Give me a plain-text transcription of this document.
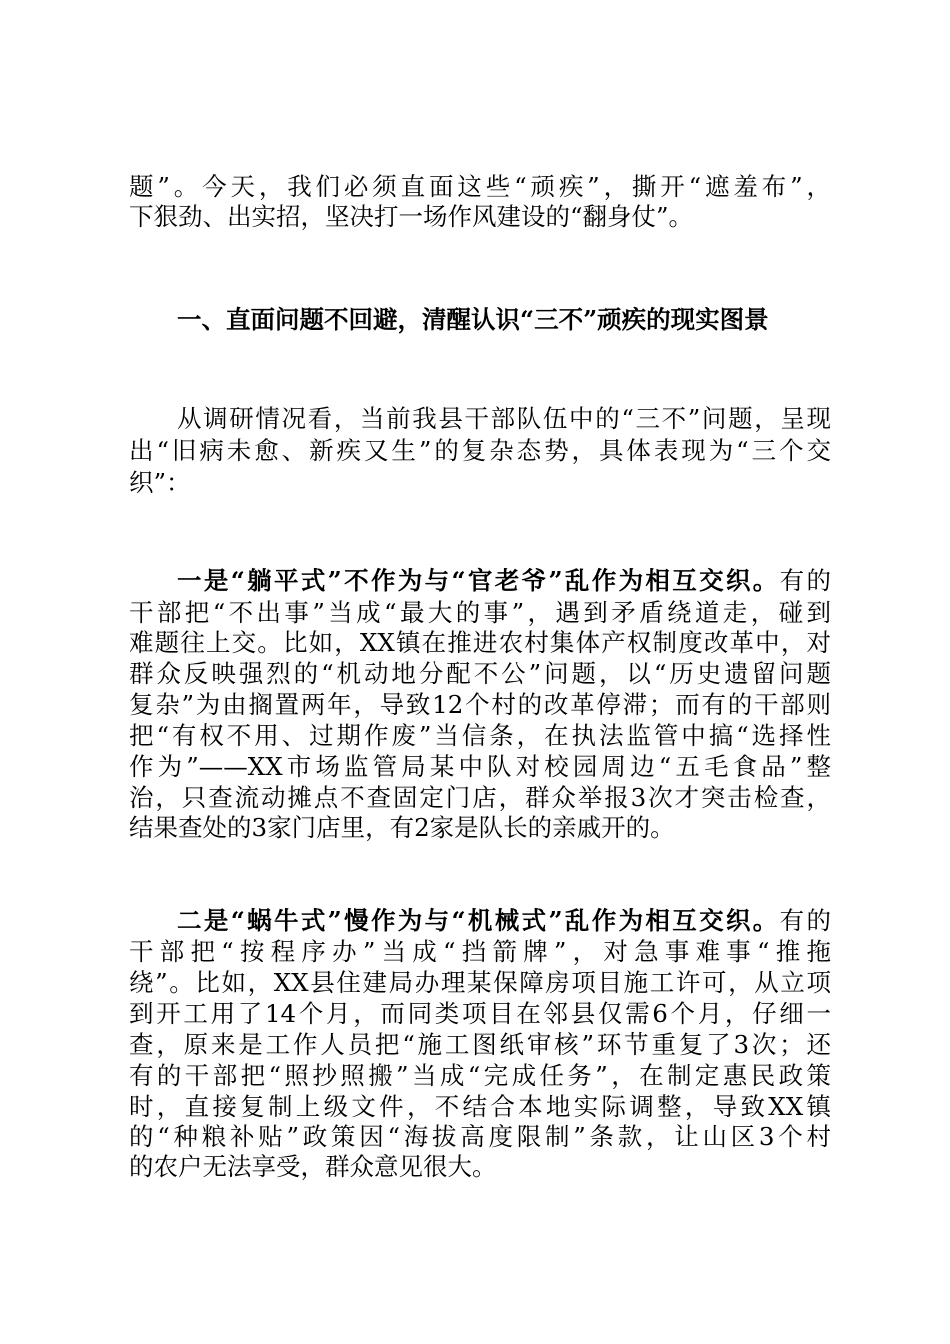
题”。今天，我们必须直面这些“顽疾”，撕开“遮羞布”，
下狠劲、出实招，坚决打一场作风建设的“翻身仗”。
一、直面问题不回避，清醒认识“三不”顽疾的现实图景
从调研情况看，当前我县干部队伍中的“三不”问题，呈现
出“旧病未愈、新疾又生”的复杂态势，具体表现为“三个交
织”：
一是“躺平式”不作为与“官老爷”乱作为相互交织。有的
干部把“不出事”当成“最大的事”，遇到矛盾绕道走，碰到
难题往上交。比如，XX镇在推进农村集体产权制度改革中，对
群众反映强烈的“机动地分配不公”问题，以“历史遗留问题
复杂”为由搁置两年，导致12个村的改革停滞；而有的干部则
把“有权不用、过期作废”当信条，在执法监管中搞“选择性
作为”——XX市场监管局某中队对校园周边“五毛食品”整
治，只查流动摊点不查固定门店，群众举报3次才突击检查，
结果查处的3家门店里，有2家是队长的亲戚开的。
二是“蜗牛式”慢作为与“机械式”乱作为相互交织。有的
干部把“按程序办”当成“挡箭牌”，对急事难事“推拖
绕”。比如，XX县住建局办理某保障房项目施工许可，从立项
到开工用了14个月，而同类项目在邻县仅需6个月，仔细一
查，原来是工作人员把“施工图纸审核”环节重复了3次；还
有的干部把“照抄照搬”当成“完成任务”，在制定惠民政策
时，直接复制上级文件，不结合本地实际调整，导致XX镇
的“种粮补贴”政策因“海拔高度限制”条款，让山区3个村
的农户无法享受，群众意见很大。
